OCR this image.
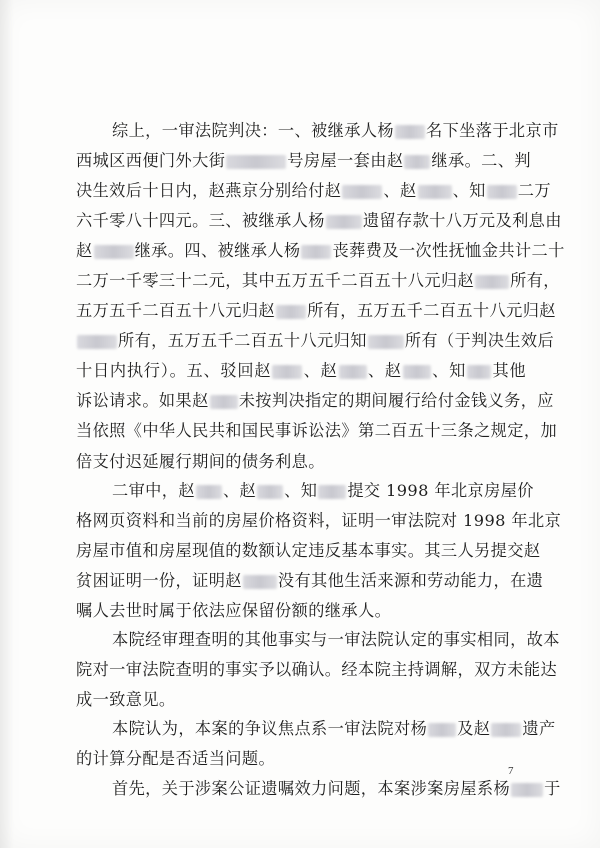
综上，一审法院判决：一、被继承人杨 名下坐落于北京市
西城区西便门外大街	号房屋一套由赵 继承。二、判
决生效后十日内，赵燕京分别给付赵	、赵 、知 二万
六千零八十四元。三、被继承人杨 遗留存款十八万元及利息由
赵	继承。四、被继承人杨 丧葬费及一次性抚恤金共计二十
二万一千零三十二元，其中五万五千二百五十八元归赵 所有，
五万五千二百五十八元归赵 所有，五万五千二百五十八元归赵
所有，五万五千二百五十八元归知 所有（于判决生效后
十日内执行）。五、驳回赵 、赵 、赵 、知 其他
诉讼请求。如果赵 未按判决指定的期间履行给付金钱义务，应
当依照《中华人民共和国民事诉讼法》第二百五十三条之规定，加
倍支付迟延履行期间的债务利息。
二审中，赵 、赵 、知 提交 1998 年北京房屋价
格网页资料和当前的房屋价格资料，证明一审法院对 1998 年北京
房屋市值和房屋现值的数额认定违反基本事实。其三人另提交赵
贫困证明一份，证明赵 没有其他生活来源和劳动能力，在遗
嘱人去世时属于依法应保留份额的继承人。
本院经审理查明的其他事实与一审法院认定的事实相同，故本
院对一审法院查明的事实予以确认。经本院主持调解，双方未能达
成一致意见。
本院认为，本案的争议焦点系一审法院对杨 及赵 遗产
的计算分配是否适当问题。
首先，关于涉案公证遗嘱效力问题，本案涉案房屋系杨 于
7
